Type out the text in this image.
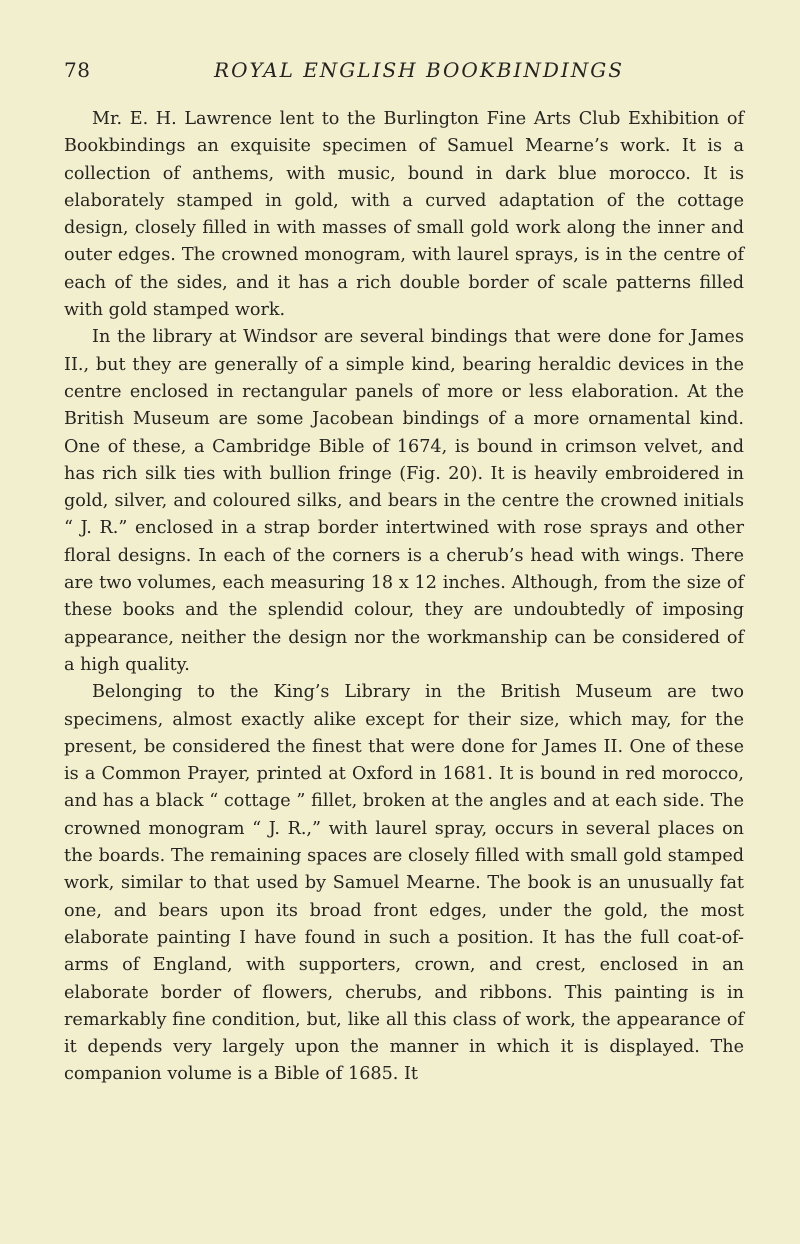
78	ROYAL ENGLISH BOOKBINDINGS

Mr. E. H. Lawrence lent to the Burlington Fine Arts Club Exhibition of Bookbindings an exquisite specimen of Samuel Mearne’s work. It is a collection of anthems, with music, bound in dark blue morocco. It is elaborately stamped in gold, with a curved adaptation of the cottage design, closely filled in with masses of small gold work along the inner and outer edges. The crowned monogram, with laurel sprays, is in the centre of each of the sides, and it has a rich double border of scale patterns filled with gold stamped work.

In the library at Windsor are several bindings that were done for James II., but they are generally of a simple kind, bearing heraldic devices in the centre enclosed in rectangular panels of more or less elaboration. At the British Museum are some Jacobean bindings of a more ornamental kind. One of these, a Cambridge Bible of 1674, is bound in crimson velvet, and has rich silk ties with bullion fringe (Fig. 20). It is heavily embroidered in gold, silver, and coloured silks, and bears in the centre the crowned initials “ J. R.” enclosed in a strap border intertwined with rose sprays and other floral designs. In each of the corners is a cherub’s head with wings. There are two volumes, each measuring 18 x 12 inches. Although, from the size of these books and the splendid colour, they are undoubtedly of imposing appearance, neither the design nor the workmanship can be considered of a high quality.

Belonging to the King’s Library in the British Museum are two specimens, almost exactly alike except for their size, which may, for the present, be considered the finest that were done for James II. One of these is a Common Prayer, printed at Oxford in 1681. It is bound in red morocco, and has a black “ cottage ” fillet, broken at the angles and at each side. The crowned monogram “ J. R.,” with laurel spray, occurs in several places on the boards. The remaining spaces are closely filled with small gold stamped work, similar to that used by Samuel Mearne. The book is an unusually fat one, and bears upon its broad front edges, under the gold, the most elaborate painting I have found in such a position. It has the full coat-of-arms of England, with supporters, crown, and crest, enclosed in an elaborate border of flowers, cherubs, and ribbons. This painting is in remarkably fine condition, but, like all this class of work, the appearance of it depends very largely upon the manner in which it is displayed. The companion volume is a Bible of 1685. It
